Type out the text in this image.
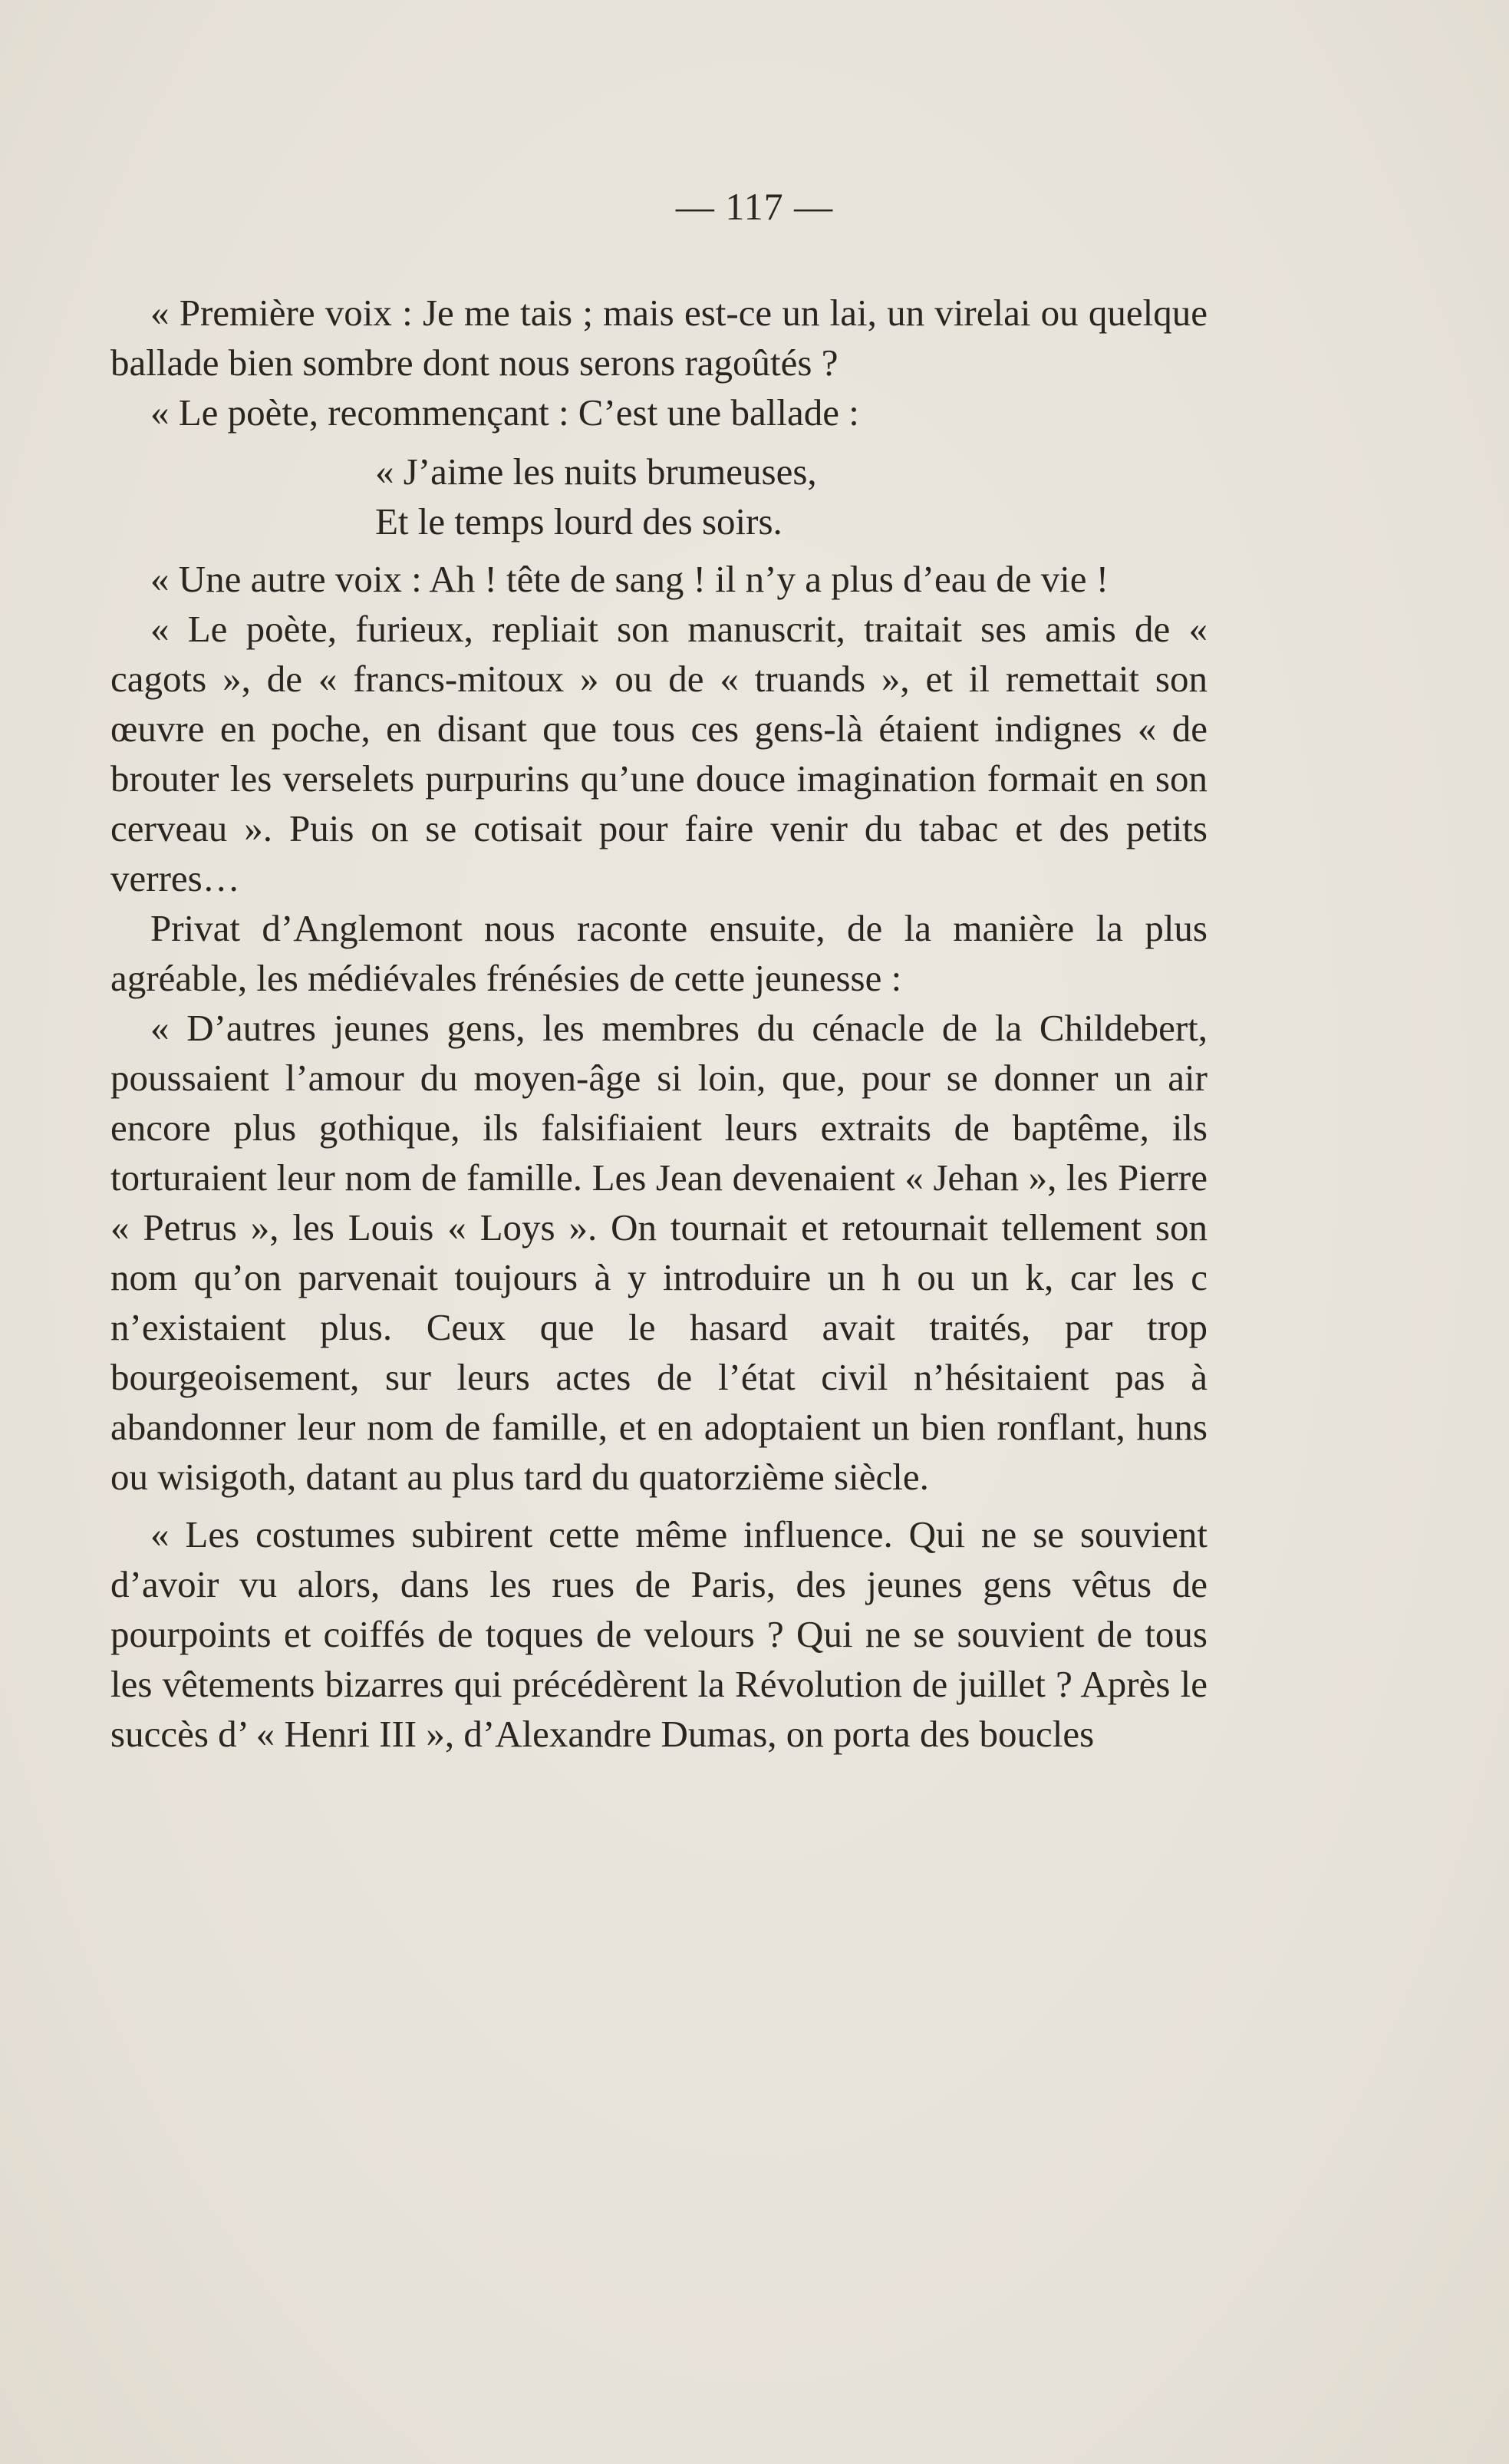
— 117 —

« Première voix : Je me tais ; mais est-ce un lai, un virelai ou quelque ballade bien sombre dont nous serons ragoûtés ?

« Le poète, recommençant : C’est une ballade :

« J’aime les nuits brumeuses,
Et le temps lourd des soirs.

« Une autre voix : Ah ! tête de sang ! il n’y a plus d’eau de vie !

« Le poète, furieux, repliait son manuscrit, traitait ses amis de « cagots », de « francs-mitoux » ou de « truands », et il remettait son œuvre en poche, en disant que tous ces gens-là étaient indignes « de brouter les verselets purpurins qu’une douce imagination formait en son cerveau ». Puis on se cotisait pour faire venir du tabac et des petits verres…

Privat d’Anglemont nous raconte ensuite, de la manière la plus agréable, les médiévales frénésies de cette jeunesse :

« D’autres jeunes gens, les membres du cénacle de la Childebert, poussaient l’amour du moyen-âge si loin, que, pour se donner un air encore plus gothique, ils falsifiaient leurs extraits de baptême, ils torturaient leur nom de famille. Les Jean devenaient « Jehan », les Pierre « Petrus », les Louis « Loys ». On tournait et retournait tellement son nom qu’on parvenait toujours à y introduire un h ou un k, car les c n’existaient plus. Ceux que le hasard avait traités, par trop bourgeoisement, sur leurs actes de l’état civil n’hésitaient pas à abandonner leur nom de famille, et en adoptaient un bien ronflant, huns ou wisigoth, datant au plus tard du quatorzième siècle.

« Les costumes subirent cette même influence. Qui ne se souvient d’avoir vu alors, dans les rues de Paris, des jeunes gens vêtus de pourpoints et coiffés de toques de velours ? Qui ne se souvient de tous les vêtements bizarres qui précédèrent la Révolution de juillet ? Après le succès d’ « Henri III », d’Alexandre Dumas, on porta des boucles
